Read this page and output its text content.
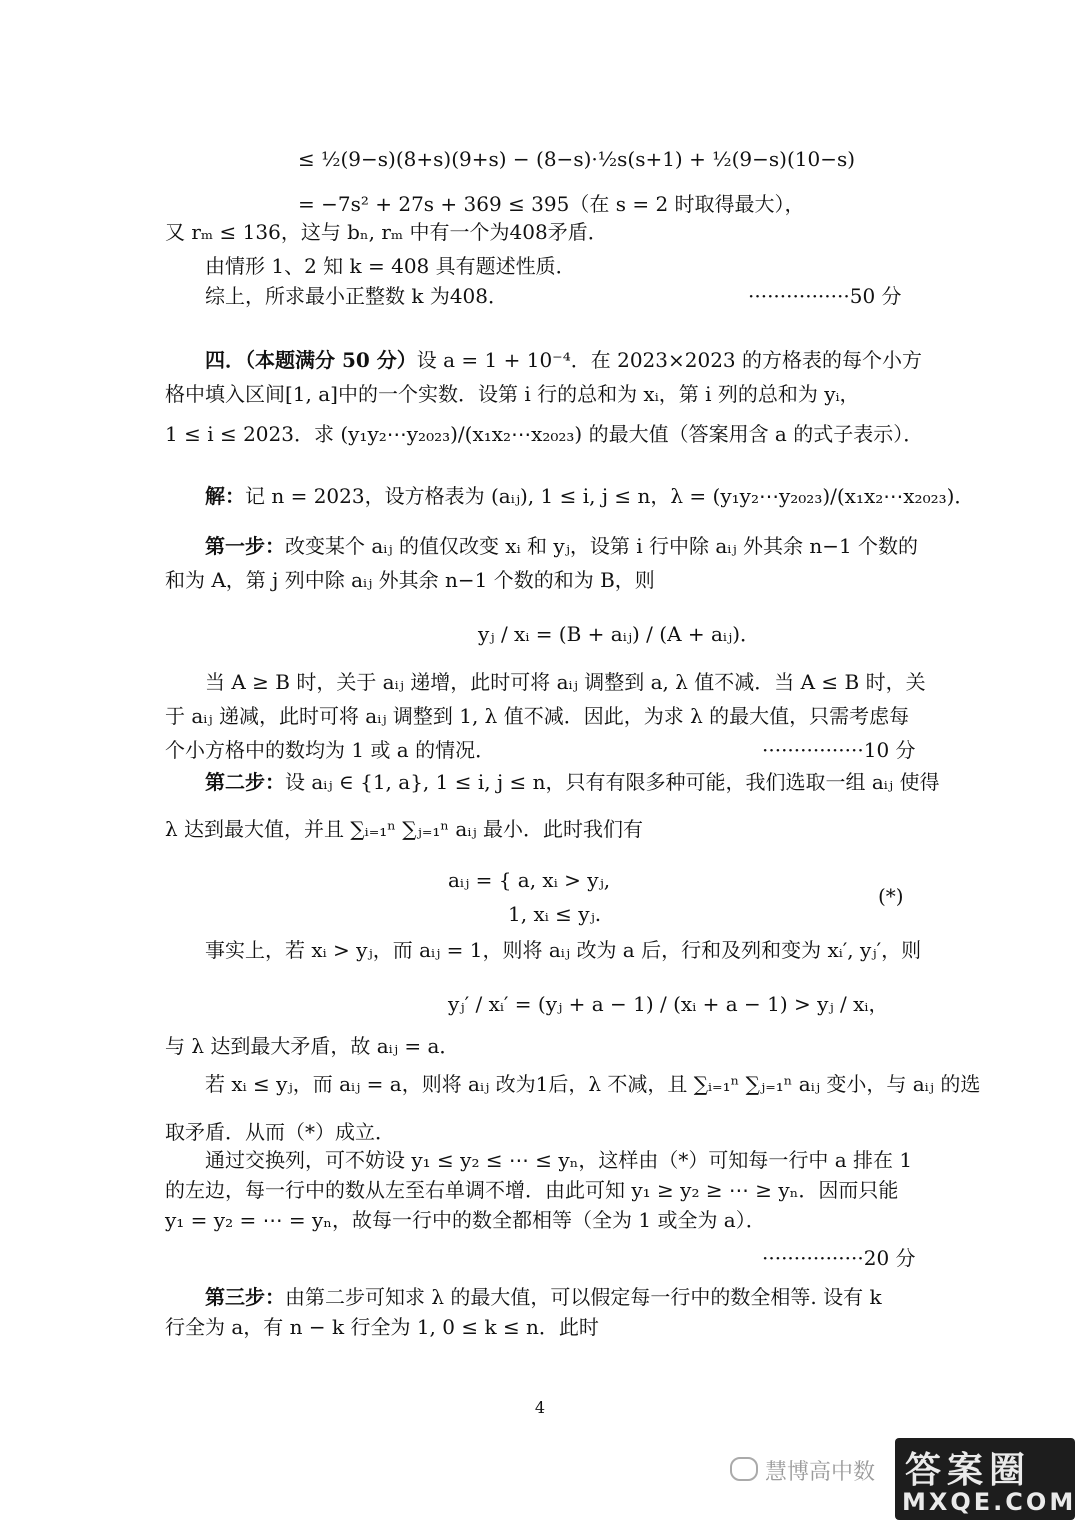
≤ ½(9−s)(8+s)(9+s) − (8−s)·½s(s+1) + ½(9−s)(10−s)
= −7s² + 27s + 369 ≤ 395（在 s = 2 时取得最大），
又 rₘ ≤ 136，这与 bₙ, rₘ 中有一个为408矛盾．
由情形 1、2 知 k = 408 具有题述性质．
综上，所求最小正整数 k 为408．	················50 分
四．（本题满分 50 分）设 a = 1 + 10⁻⁴．在 2023×2023 的方格表的每个小方
格中填入区间[1, a]中的一个实数．设第 i 行的总和为 xᵢ，第 i 列的总和为 yᵢ，
1 ≤ i ≤ 2023．求 (y₁y₂⋯y₂₀₂₃)/(x₁x₂⋯x₂₀₂₃) 的最大值（答案用含 a 的式子表示）．
解：记 n = 2023，设方格表为 (aᵢⱼ), 1 ≤ i, j ≤ n，λ = (y₁y₂⋯y₂₀₂₃)/(x₁x₂⋯x₂₀₂₃)．
第一步：改变某个 aᵢⱼ 的值仅改变 xᵢ 和 yⱼ，设第 i 行中除 aᵢⱼ 外其余 n−1 个数的
和为 A，第 j 列中除 aᵢⱼ 外其余 n−1 个数的和为 B，则
yⱼ / xᵢ = (B + aᵢⱼ) / (A + aᵢⱼ)．
当 A ≥ B 时，关于 aᵢⱼ 递增，此时可将 aᵢⱼ 调整到 a, λ 值不减．当 A ≤ B 时，关
于 aᵢⱼ 递减，此时可将 aᵢⱼ 调整到 1, λ 值不减．因此，为求 λ 的最大值，只需考虑每
个小方格中的数均为 1 或 a 的情况．	················10 分
第二步：设 aᵢⱼ ∈ {1, a}, 1 ≤ i, j ≤ n，只有有限多种可能，我们选取一组 aᵢⱼ 使得
λ 达到最大值，并且 ∑ᵢ₌₁ⁿ ∑ⱼ₌₁ⁿ aᵢⱼ 最小．此时我们有
aᵢⱼ = { a, xᵢ > yⱼ,
1, xᵢ ≤ yⱼ.
(*)
事实上，若 xᵢ > yⱼ，而 aᵢⱼ = 1，则将 aᵢⱼ 改为 a 后，行和及列和变为 xᵢ′, yⱼ′，则
yⱼ′ / xᵢ′ = (yⱼ + a − 1) / (xᵢ + a − 1) > yⱼ / xᵢ，
与 λ 达到最大矛盾，故 aᵢⱼ = a．
若 xᵢ ≤ yⱼ，而 aᵢⱼ = a，则将 aᵢⱼ 改为1后，λ 不减，且 ∑ᵢ₌₁ⁿ ∑ⱼ₌₁ⁿ aᵢⱼ 变小，与 aᵢⱼ 的选
取矛盾．从而（*）成立．
通过交换列，可不妨设 y₁ ≤ y₂ ≤ ⋯ ≤ yₙ，这样由（*）可知每一行中 a 排在 1
的左边，每一行中的数从左至右单调不增．由此可知 y₁ ≥ y₂ ≥ ⋯ ≥ yₙ．因而只能
y₁ = y₂ = ⋯ = yₙ，故每一行中的数全都相等（全为 1 或全为 a）．
················20 分
第三步：由第二步可知求 λ 的最大值，可以假定每一行中的数全相等. 设有 k
行全为 a，有 n − k 行全为 1, 0 ≤ k ≤ n．此时
4
慧博高中数 答案圈
MXQE.COM
